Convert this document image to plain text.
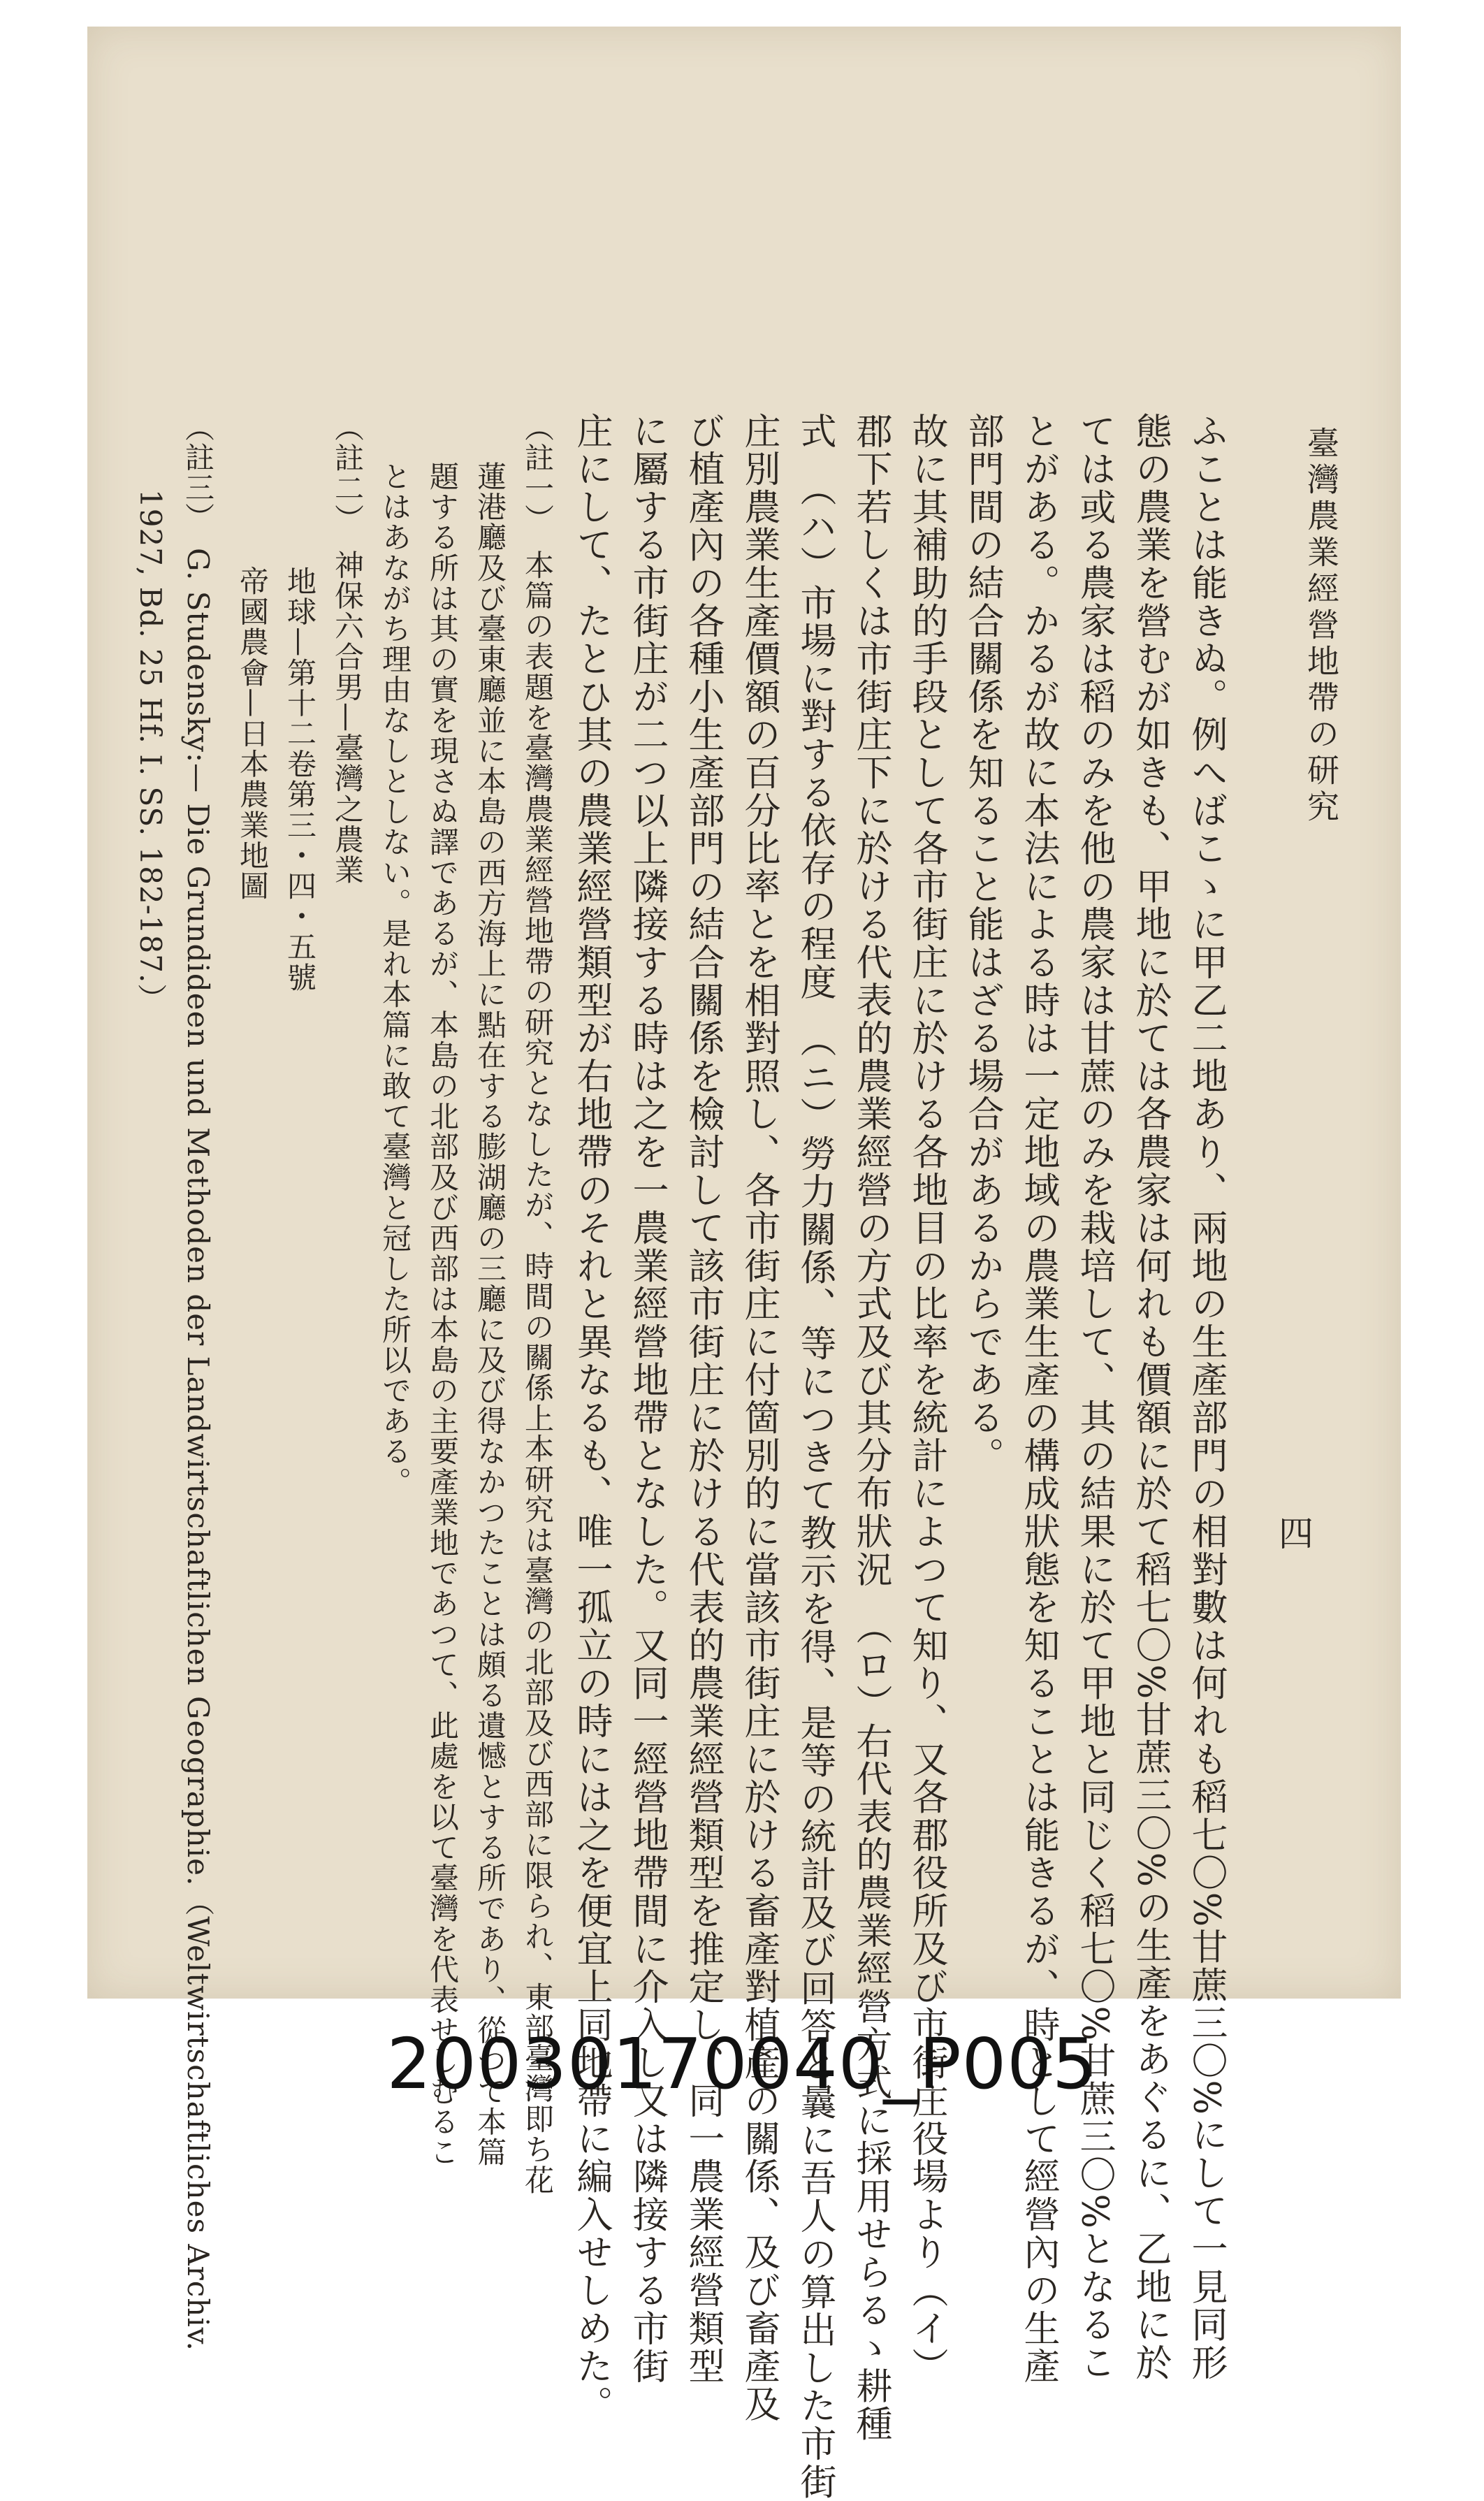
臺灣農業經營地帶の研究
ふことは能きぬ。例へばこゝに甲乙二地あり、兩地の生產部門の相對數は何れも稻七〇%甘蔗三〇%にして一見同形
態の農業を營むが如きも、甲地に於ては各農家は何れも價額に於て稻七〇%甘蔗三〇%の生產をあぐるに、乙地に於
ては或る農家は稻のみを他の農家は甘蔗のみを栽培して、其の結果に於て甲地と同じく稻七〇%甘蔗三〇%となるこ
とがある。かるが故に本法による時は一定地域の農業生產の構成狀態を知ることは能きるが、時として經營內の生產
部門間の結合關係を知ること能はざる場合があるからである。
故に其補助的手段として各市街庄に於ける各地目の比率を統計によつて知り、又各郡役所及び市街庄役場より（イ）
郡下若しくは市街庄下に於ける代表的農業經營の方式及び其分布狀況　（ロ）右代表的農業經營方式に採用せらるゝ耕種
式　（ハ）市場に對する依存の程度　（ニ）勞力關係、等につきて教示を得、是等の統計及び回答と曩に吾人の算出した市街
庄別農業生產價額の百分比率とを相對照し、各市街庄に付箇別的に當該市街庄に於ける畜產對植產の關係、及び畜產及
び植產內の各種小生產部門の結合關係を檢討して該市街庄に於ける代表的農業經營類型を推定し、同一農業經營類型
に屬する市街庄が二つ以上隣接する時は之を一農業經營地帶となした。又同一經營地帶間に介入し又は隣接する市街
庄にして、たとひ其の農業經營類型が右地帶のそれと異なるも、唯一孤立の時には之を便宜上同地帶に編入せしめた。
（註一）　本篇の表題を臺灣農業經營地帶の研究となしたが、時間の關係上本研究は臺灣の北部及び西部に限られ、東部臺灣即ち花
蓮港廳及び臺東廳並に本島の西方海上に點在する膨湖廳の三廳に及び得なかつたことは頗る遺憾とする所であり、從つて本篇
題する所は其の實を現さぬ譯であるが、本島の北部及び西部は本島の主要產業地であつて、此處を以て臺灣を代表せしむるこ
とはあながち理由なしとしない。是れ本篇に敢て臺灣と冠した所以である。
（註二）　神保六合男—臺灣之農業
地球—第十二卷第三・四・五號
帝國農會—日本農業地圖
（註三）　G. Studensky:— Die Grundideen und Methoden der Landwirtschaftlichen Geographie.（Weltwirtschaftliches Archiv.
1927, Bd. 25 Hf. I. SS. 182-187.）
四
20030170040_P005
